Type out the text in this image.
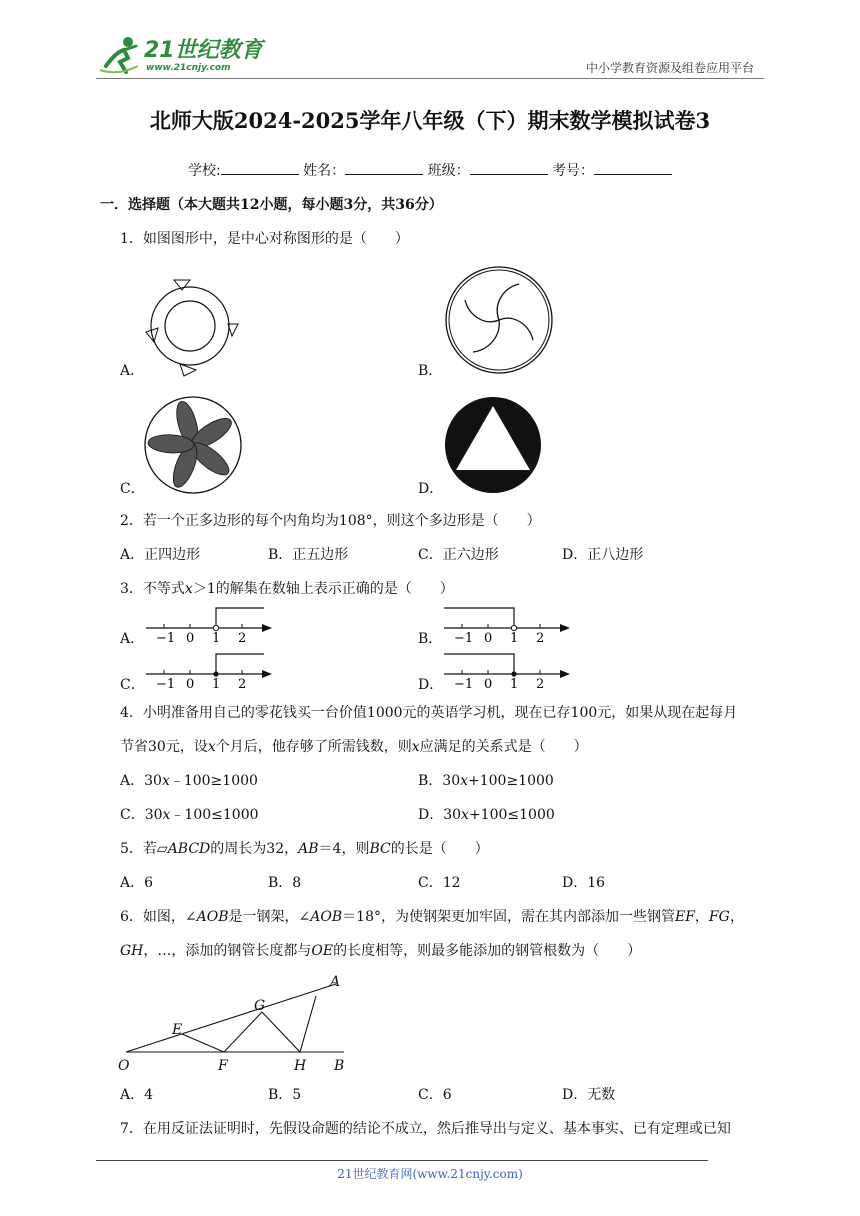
21世纪教育
www.21cnjy.com	中小学教育资源及组卷应用平台
北师大版2024-2025学年八年级（下）期末数学模拟试卷3
学校:	姓名：	班级：	考号：
一．选择题（本大题共12小题，每小题3分，共36分）
1．如图图形中，是中心对称图形的是（　　）
A．	B．
C．	D．
2．若一个正多边形的每个内角均为108°，则这个多边形是（　　）
A．正四边形	B．正五边形	C．正六边形	D．正八边形
3．不等式x＞1的解集在数轴上表示正确的是（　　）
A． −1 0 1 2	B． −1 0 1 2
C． −1 0 1 2	D． −1 0 1 2
4．小明准备用自己的零花钱买一台价值1000元的英语学习机，现在已存100元，如果从现在起每月
节省30元，设x个月后，他存够了所需钱数，则x应满足的关系式是（　　）
A．30x﹣100≥1000	B．30x+100≥1000
C．30x﹣100≤1000	D．30x+100≤1000
5．若▱ABCD的周长为32，AB＝4，则BC的长是（　　）
A．6	B．8	C．12	D．16
6．如图，∠AOB是一钢架，∠AOB＝18°，为使钢架更加牢固，需在其内部添加一些钢管EF，FG，
GH，…，添加的钢管长度都与OE的长度相等，则最多能添加的钢管根数为（　　）
O
E
F
G
H
A
B
A．4	B．5	C．6	D．无数
7．在用反证法证明时，先假设命题的结论不成立，然后推导出与定义、基本事实、已有定理或已知
21世纪教育网(www.21cnjy.com)
